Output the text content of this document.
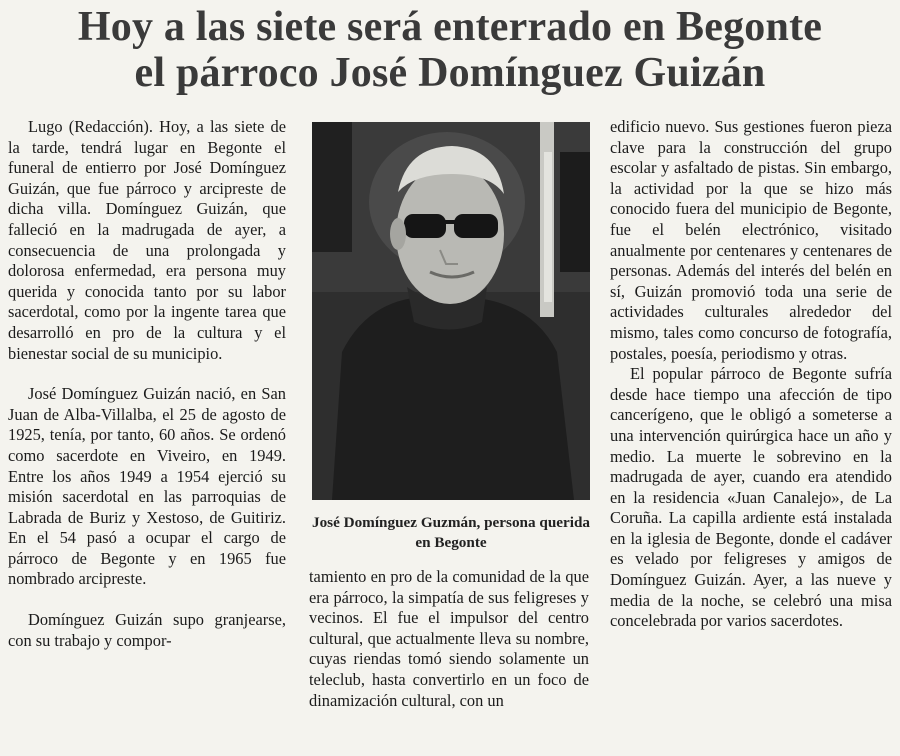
Hoy a las siete será enterrado en Begonte
el párroco José Domínguez Guizán

Lugo (Redacción). Hoy, a las siete de la tarde, tendrá lugar en Begonte el funeral de entierro por José Domínguez Guizán, que fue párroco y arcipreste de dicha villa. Domínguez Guizán, que falleció en la madrugada de ayer, a consecuencia de una prolongada y dolorosa enfermedad, era persona muy querida y conocida tanto por su labor sacerdotal, como por la ingente tarea que desarrolló en pro de la cultura y el bienestar social de su municipio.

José Domínguez Guizán nació, en San Juan de Alba-Villalba, el 25 de agosto de 1925, tenía, por tanto, 60 años. Se ordenó como sacerdote en Viveiro, en 1949. Entre los años 1949 a 1954 ejerció su misión sacerdotal en las parroquias de Labrada de Buriz y Xestoso, de Guitiriz. En el 54 pasó a ocupar el cargo de párroco de Begonte y en 1965 fue nombrado arcipreste.

Domínguez Guizán supo granjearse, con su trabajo y compor-

José Domínguez Guzmán, persona querida en Begonte

tamiento en pro de la comunidad de la que era párroco, la simpatía de sus feligreses y vecinos. El fue el impulsor del centro cultural, que actualmente lleva su nombre, cuyas riendas tomó siendo solamente un teleclub, hasta convertirlo en un foco de dinamización cultural, con un

edificio nuevo. Sus gestiones fueron pieza clave para la construcción del grupo escolar y asfaltado de pistas. Sin embargo, la actividad por la que se hizo más conocido fuera del municipio de Begonte, fue el belén electrónico, visitado anualmente por centenares y centenares de personas. Además del interés del belén en sí, Guizán promovió toda una serie de actividades culturales alrededor del mismo, tales como concurso de fotografía, postales, poesía, periodismo y otras.

El popular párroco de Begonte sufría desde hace tiempo una afección de tipo cancerígeno, que le obligó a someterse a una intervención quirúrgica hace un año y medio. La muerte le sobrevino en la madrugada de ayer, cuando era atendido en la residencia «Juan Canalejo», de La Coruña. La capilla ardiente está instalada en la iglesia de Begonte, donde el cadáver es velado por feligreses y amigos de Domínguez Guizán. Ayer, a las nueve y media de la noche, se celebró una misa concelebrada por varios sacerdotes.
